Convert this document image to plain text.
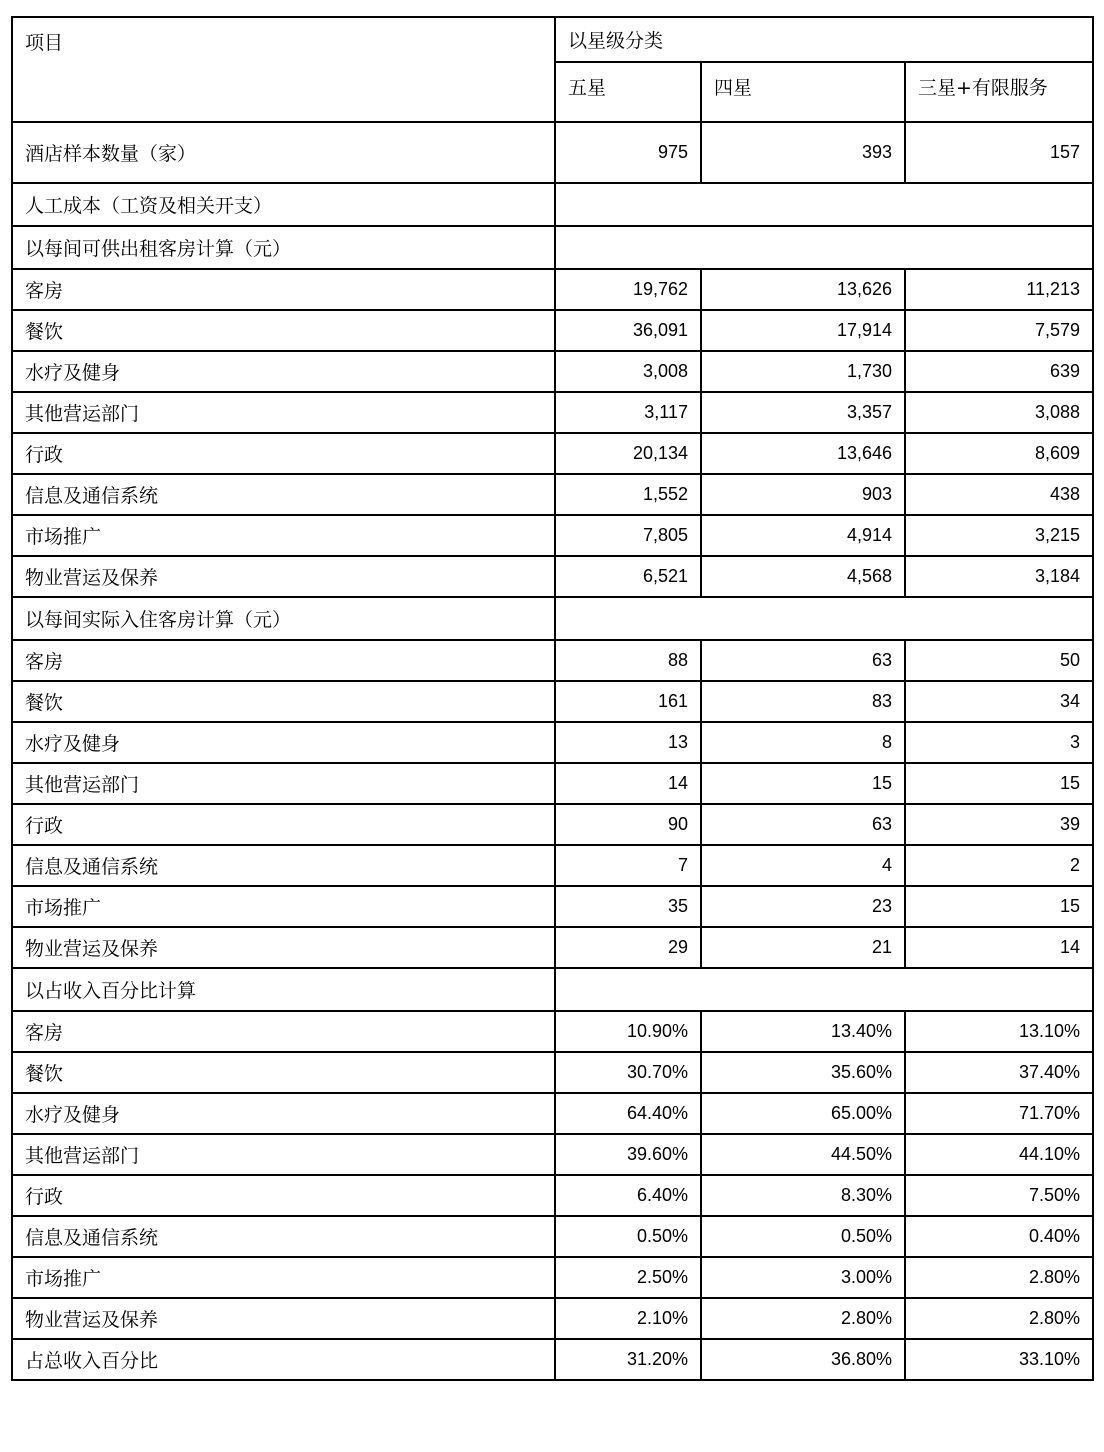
项目	以星级分类		
	五星	四星	三星+有限服务
酒店样本数量（家）	975	393	157
人工成本（工资及相关开支）			
以每间可供出租客房计算（元）			
客房	19,762	13,626	11,213
餐饮	36,091	17,914	7,579
水疗及健身	3,008	1,730	639
其他营运部门	3,117	3,357	3,088
行政	20,134	13,646	8,609
信息及通信系统	1,552	903	438
市场推广	7,805	4,914	3,215
物业营运及保养	6,521	4,568	3,184
以每间实际入住客房计算（元）			
客房	88	63	50
餐饮	161	83	34
水疗及健身	13	8	3
其他营运部门	14	15	15
行政	90	63	39
信息及通信系统	7	4	2
市场推广	35	23	15
物业营运及保养	29	21	14
以占收入百分比计算			
客房	10.90%	13.40%	13.10%
餐饮	30.70%	35.60%	37.40%
水疗及健身	64.40%	65.00%	71.70%
其他营运部门	39.60%	44.50%	44.10%
行政	6.40%	8.30%	7.50%
信息及通信系统	0.50%	0.50%	0.40%
市场推广	2.50%	3.00%	2.80%
物业营运及保养	2.10%	2.80%	2.80%
占总收入百分比	31.20%	36.80%	33.10%
